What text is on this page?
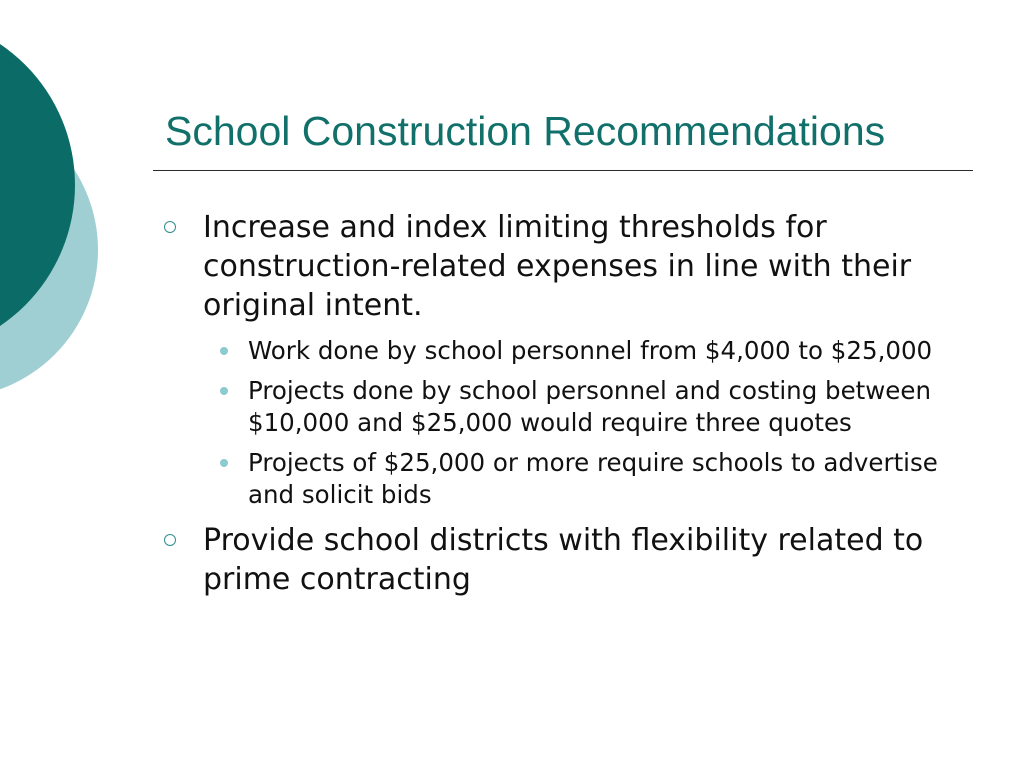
School Construction Recommendations
Increase and index limiting thresholds for construction-related expenses in line with their original intent.
Work done by school personnel from $4,000 to $25,000
Projects done by school personnel and costing between $10,000 and $25,000 would require three quotes
Projects of $25,000 or more require schools to advertise and solicit bids
Provide school districts with flexibility related to prime contracting
